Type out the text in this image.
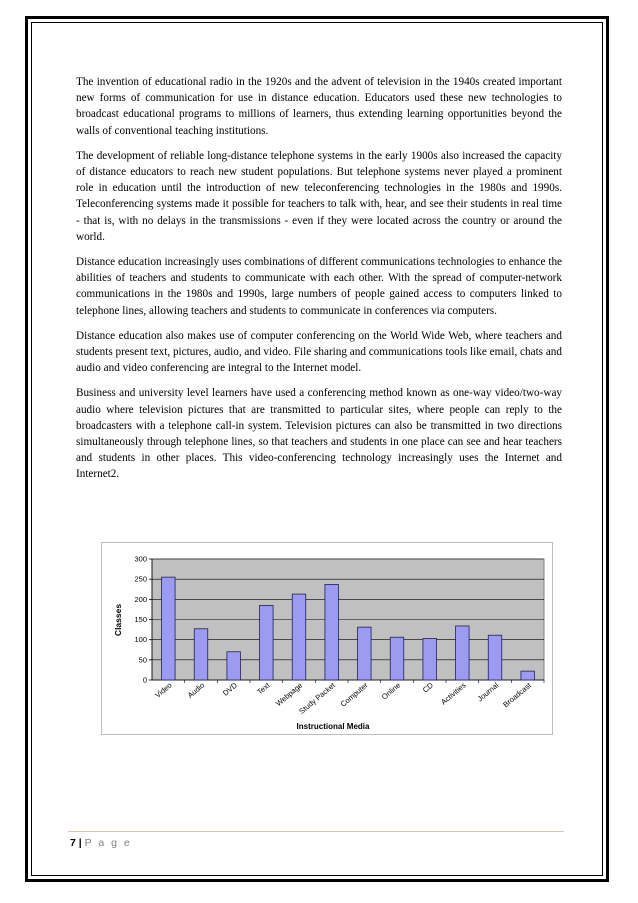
The invention of educational radio in the 1920s and the advent of television in the 1940s created important new forms of communication for use in distance education. Educators used these new technologies to broadcast educational programs to millions of learners, thus extending learning opportunities beyond the walls of conventional teaching institutions.

The development of reliable long-distance telephone systems in the early 1900s also increased the capacity of distance educators to reach new student populations. But telephone systems never played a prominent role in education until the introduction of new teleconferencing technologies in the 1980s and 1990s. Teleconferencing systems made it possible for teachers to talk with, hear, and see their students in real time - that is, with no delays in the transmissions - even if they were located across the country or around the world.

Distance education increasingly uses combinations of different communications technologies to enhance the abilities of teachers and students to communicate with each other. With the spread of computer-network communications in the 1980s and 1990s, large numbers of people gained access to computers linked to telephone lines, allowing teachers and students to communicate in conferences via computers.

Distance education also makes use of computer conferencing on the World Wide Web, where teachers and students present text, pictures, audio, and video. File sharing and communications tools like email, chats and audio and video conferencing are integral to the Internet model.

Business and university level learners have used a conferencing method known as one-way video/two-way audio where television pictures that are transmitted to particular sites, where people can reply to the broadcasters with a telephone call-in system. Television pictures can also be transmitted in two directions simultaneously through telephone lines, so that teachers and students in one place can see and hear teachers and students in other places. This video-conferencing technology increasingly uses the Internet and Internet2.

0
50
100
150
200
250
300
Video Audio DVD Text Webpage
Study Packet Computer Online CD Activities Journal Broadcast
Classes
Instructional Media
7 | P a g e
